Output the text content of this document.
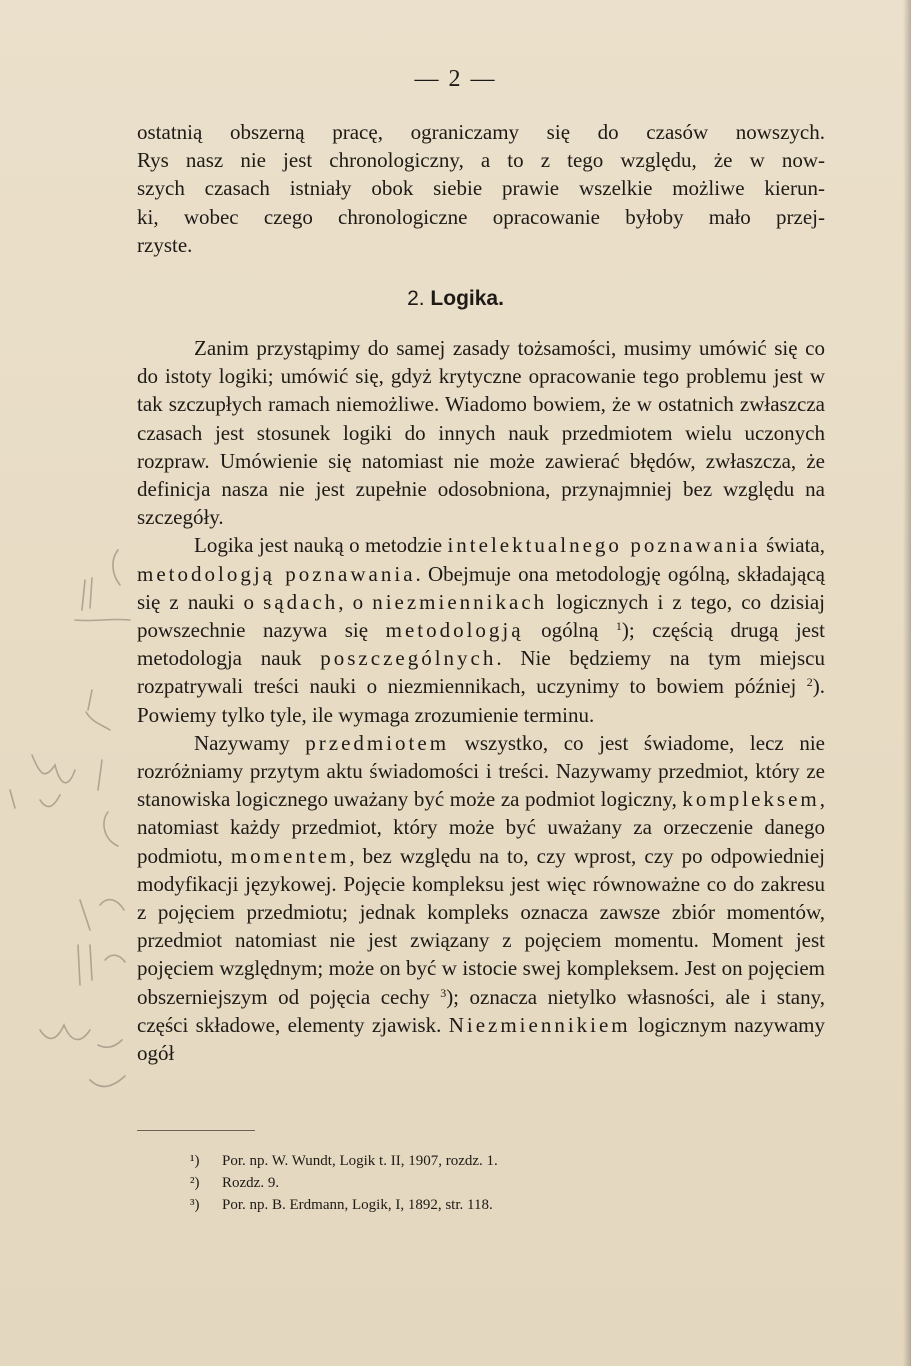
— 2 —
ostatnią obszerną pracę, ograniczamy się do czasów nowszych.
Rys nasz nie jest chronologiczny, a to z tego względu, że w now-
szych czasach istniały obok siebie prawie wszelkie możliwe kierun-
ki, wobec czego chronologiczne opracowanie byłoby mało przej-
rzyste.
2. Logika.

Zanim przystąpimy do samej zasady tożsamości, musimy umówić się co do istoty logiki; umówić się, gdyż krytyczne opracowanie tego problemu jest w tak szczupłych ramach niemożliwe. Wiadomo bowiem, że w ostatnich zwłaszcza czasach jest stosunek logiki do innych nauk przedmiotem wielu uczonych rozpraw. Umówienie się natomiast nie może zawierać błędów, zwłaszcza, że definicja nasza nie jest zupełnie odosobniona, przynajmniej bez względu na szczegóły.

Logika jest nauką o metodzie intelektualnego poznawania świata, metodologją poznawania. Obejmuje ona metodologję ogólną, składającą się z nauki o sądach, o niezmiennikach logicznych i z tego, co dzisiaj powszechnie nazywa się metodologją ogólną $^1$); częścią drugą jest metodologja nauk poszczególnych. Nie będziemy na tym miejscu rozpatrywali treści nauki o niezmiennikach, uczynimy to bowiem później $^2$). Powiemy tylko tyle, ile wymaga zrozumienie terminu.

Nazywamy przedmiotem wszystko, co jest świadome, lecz nie rozróżniamy przytym aktu świadomości i treści. Nazywamy przedmiot, który ze stanowiska logicznego uważany być może za podmiot logiczny, kompleksem, natomiast każdy przedmiot, który może być uważany za orzeczenie danego podmiotu, momentem, bez względu na to, czy wprost, czy po odpowiedniej modyfikacji językowej. Pojęcie kompleksu jest więc równoważne co do zakresu z pojęciem przedmiotu; jednak kompleks oznacza zawsze zbiór momentów, przedmiot natomiast nie jest związany z pojęciem momentu. Moment jest pojęciem względnym; może on być w istocie swej kompleksem. Jest on pojęciem obszerniejszym od pojęcia cechy $^3$); oznacza nietylko własności, ale i stany, części składowe, elementy zjawisk. Niezmiennikiem logicznym nazywamy ogół

¹)	Por. np. W. Wundt, Logik t. II, 1907, rozdz. 1.
²)	Rozdz. 9.
³)	Por. np. B. Erdmann, Logik, I, 1892, str. 118.
